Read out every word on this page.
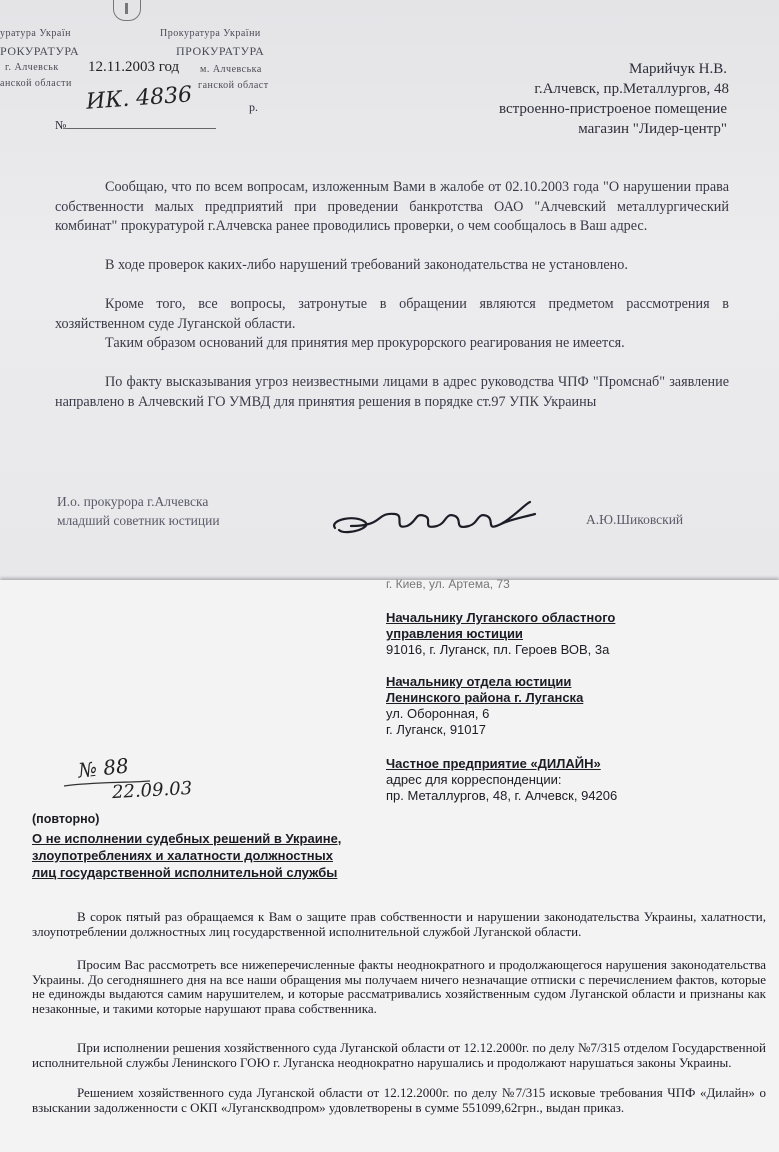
уратура Україн
РОКУРАТУРА
г. Алчевськ
анской области
Прокуратура України
ПРОКУРАТУРА
м. Алчевська
ганской област
12.11.2003 год
ИК. 4836	р.
№
Марийчук Н.В.
г.Алчевск, пр.Металлургов, 48
встроенно-пристроеное помещение
магазин "Лидер-центр"
Сообщаю, что по всем вопросам, изложенным Вами в жалобе от 02.10.2003 года "О нарушении права собственности малых предприятий при проведении банкротства ОАО "Алчевский металлургический комбинат" прокуратурой г.Алчевска ранее проводились проверки, о чем сообщалось в Ваш адрес.
В ходе проверок каких-либо нарушений требований законодательства не установлено.
Кроме того, все вопросы, затронутые в обращении являются предметом рассмотрения в хозяйственном суде Луганской области.
Таким образом оснований для принятия мер прокурорского реагирования не имеется.
По факту высказывания угроз неизвестными лицами в адрес руководства ЧПФ "Промснаб" заявление направлено в Алчевский ГО УМВД для принятия решения в порядке ст.97 УПК Украины
И.о. прокурора г.Алчевска
младший советник юстиции	А.Ю.Шиковский
г. Киев, ул. Артема, 73
Начальнику Луганского областного
управления юстиции
91016, г. Луганск, пл. Героев ВОВ, 3а
Начальнику отдела юстиции
Ленинского района г. Луганска
ул. Оборонная, 6
г. Луганск, 91017
Частное предприятие «ДИЛАЙН»
адрес для корреспонденции:
пр. Металлургов, 48, г. Алчевск, 94206
№ 88
22.09.03
(повторно)
О не исполнении судебных решений в Украине,
злоупотреблениях и халатности должностных
лиц государственной исполнительной службы
В сорок пятый раз обращаемся к Вам о защите прав собственности и нарушении законодательства Украины, халатности, злоупотреблении должностных лиц государственной исполнительной службой Луганской области.
Просим Вас рассмотреть все нижеперечисленные факты неоднократного и продолжающегося нарушения законодательства Украины. До сегодняшнего дня на все наши обращения мы получаем ничего незначащие отписки с перечислением фактов, которые не единожды выдаются самим нарушителем, и которые рассматривались хозяйственным судом Луганской области и признаны как незаконные, и такими которые нарушают права собственника.
При исполнении решения хозяйственного суда Луганской области от 12.12.2000г. по делу №7/315 отделом Государственной исполнительной службы Ленинского ГОЮ г. Луганска неоднократно нарушались и продолжают нарушаться законы Украины.
Решением хозяйственного суда Луганской области от 12.12.2000г. по делу №7/315 исковые требования ЧПФ «Дилайн» о взыскании задолженности с ОКП «Луганскводпром» удовлетворены в сумме 551099,62грн., выдан приказ.
